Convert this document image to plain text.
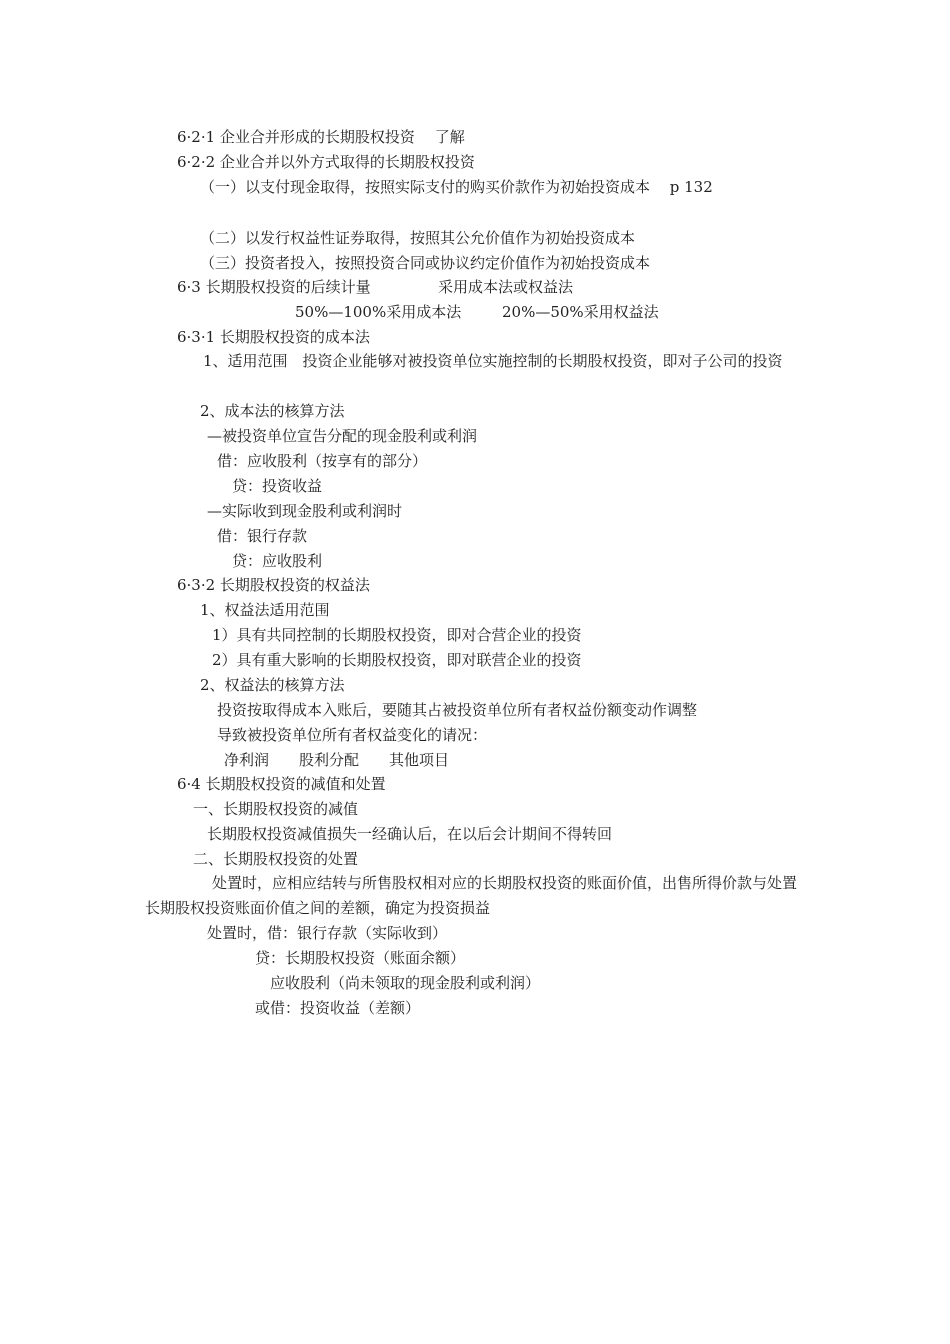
6·2·1 企业合并形成的长期股权投资　 了解
6·2·2 企业合并以外方式取得的长期股权投资
（一）以支付现金取得，按照实际支付的购买价款作为初始投资成本　 p 132
（二）以发行权益性证券取得，按照其公允价值作为初始投资成本
（三）投资者投入，按照投资合同或协议约定价值作为初始投资成本
6·3 长期股权投资的后续计量	采用成本法或权益法
50%—100%采用成本法	20%—50%采用权益法
6·3·1 长期股权投资的成本法
1、适用范围　投资企业能够对被投资单位实施控制的长期股权投资，即对子公司的投资
2、成本法的核算方法
—被投资单位宣告分配的现金股利或利润
借：应收股利（按享有的部分）
贷：投资收益
—实际收到现金股利或利润时
借：银行存款
贷：应收股利
6·3·2 长期股权投资的权益法
1、权益法适用范围
1）具有共同控制的长期股权投资，即对合营企业的投资
2）具有重大影响的长期股权投资，即对联营企业的投资
2、权益法的核算方法
投资按取得成本入账后，要随其占被投资单位所有者权益份额变动作调整
导致被投资单位所有者权益变化的请况：
净利润　　股利分配　　其他项目
6·4 长期股权投资的减值和处置
一、长期股权投资的减值
长期股权投资减值损失一经确认后，在以后会计期间不得转回
二、长期股权投资的处置
处置时，应相应结转与所售股权相对应的长期股权投资的账面价值，出售所得价款与处置长期股权投资账面价值之间的差额，确定为投资损益
处置时，借：银行存款（实际收到）
贷：长期股权投资（账面余额）
应收股利（尚未领取的现金股利或利润）
或借：投资收益（差额）
